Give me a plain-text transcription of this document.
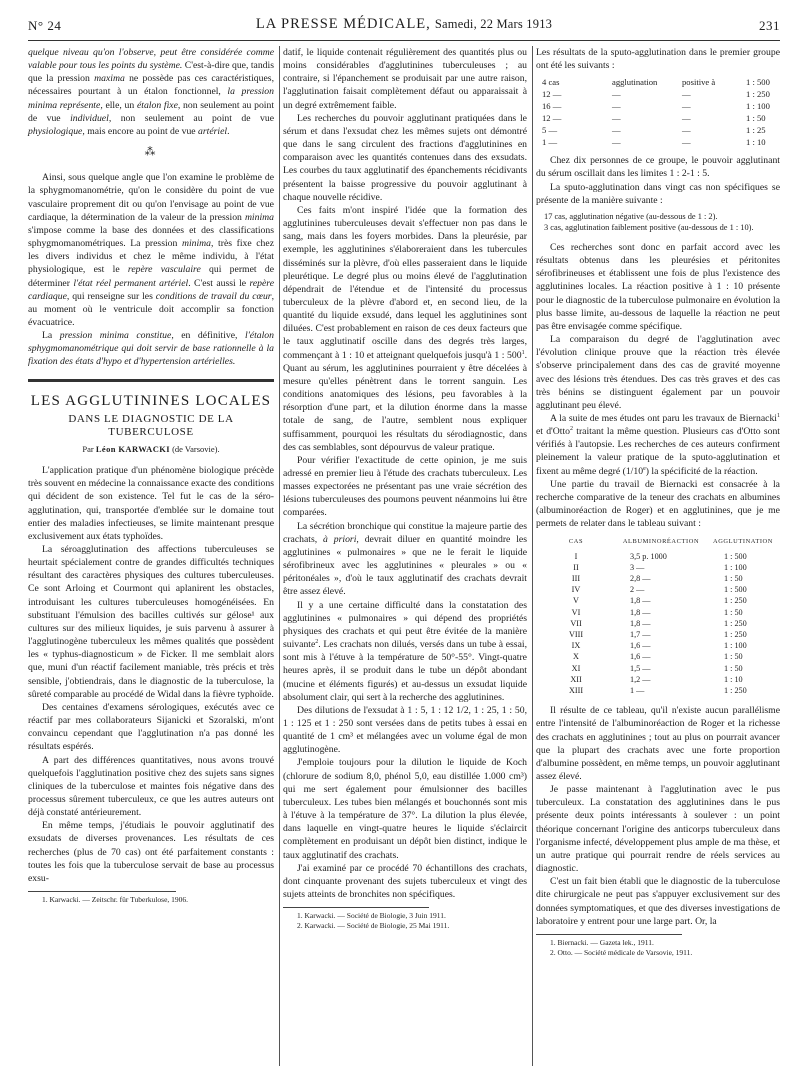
N° 24	LA PRESSE MÉDICALE, Samedi, 22 Mars 1913	231

quelque niveau qu'on l'observe, peut être considérée comme valable pour tous les points du système. C'est-à-dire que, tandis que la pression maxima ne possède pas ces caractéristiques, nécessaires pourtant à un étalon fonctionnel, la pression minima représente, elle, un étalon fixe, non seulement au point de vue individuel, non seulement au point de vue physiologique, mais encore au point de vue artériel.

⁂

Ainsi, sous quelque angle que l'on examine le problème de la sphygmomanométrie, qu'on le considère du point de vue vasculaire proprement dit ou qu'on l'envisage au point de vue cardiaque, la détermination de la valeur de la pression minima s'impose comme la base des données et des classifications sphygmomanométriques. La pression minima, très fixe chez les divers individus et chez le même individu, à l'état physiologique, est le repère vasculaire qui permet de déterminer l'état réel permanent artériel. C'est aussi le repère cardiaque, qui renseigne sur les conditions de travail du cœur, au moment où le ventricule doit accomplir sa fonction évacuatrice.

La pression minima constitue, en définitive, l'étalon sphygmomanométrique qui doit servir de base rationnelle à la fixation des états d'hypo et d'hypertension artérielles.

LES AGGLUTININES LOCALES
DANS LE DIAGNOSTIC DE LA TUBERCULOSE
Par Léon KARWACKI (de Varsovie).

L'application pratique d'un phénomène biologique précède très souvent en médecine la connaissance exacte des conditions qui décident de son existence. Tel fut le cas de la séro-agglutination, qui, transportée d'emblée sur le domaine tout entier des maladies infectieuses, se limite maintenant presque exclusivement aux états typhoïdes.

La séroagglutination des affections tuberculeuses se heurtait spécialement contre de grandes difficultés techniques résultant des caractères physiques des cultures tuberculeuses. Ce sont Arloing et Courmont qui aplanirent les obstacles, introduisant les cultures tuberculeuses homogénéisées. En substituant l'émulsion des bacilles cultivés sur gélose¹ aux cultures sur des milieux liquides, je suis parvenu à assurer à l'agglutinogène tuberculeux les mêmes qualités que possèdent les « typhus-diagnosticum » de Ficker. Il me semblait alors que, muni d'un réactif facilement maniable, très précis et très sensible, j'obtiendrais, dans le diagnostic de la tuberculose, la sûreté comparable au procédé de Widal dans la fièvre typhoïde.

Des centaines d'examens sérologiques, exécutés avec ce réactif par mes collaborateurs Sijanicki et Szoralski, m'ont convaincu cependant que l'agglutination n'a pas donné les résultats espérés.

A part des différences quantitatives, nous avons trouvé quelquefois l'agglutination positive chez des sujets sans signes cliniques de la tuberculose et maintes fois négative dans des processus sûrement tuberculeux, ce que les autres auteurs ont déjà constaté antérieurement.

En même temps, j'étudiais le pouvoir agglutinatif des exsudats de diverses provenances. Les résultats de ces recherches (plus de 70 cas) ont été parfaitement constants : toutes les fois que la tuberculose servait de base au processus exsu-

1. Karwacki. — Zeitschr. für Tuberkulose, 1906.

datif, le liquide contenait régulièrement des quantités plus ou moins considérables d'agglutinines tuberculeuses ; au contraire, si l'épanchement se produisait par une autre raison, l'agglutination faisait complètement défaut ou apparaissait à un degré extrêmement faible.

Les recherches du pouvoir agglutinant pratiquées dans le sérum et dans l'exsudat chez les mêmes sujets ont démontré que dans le sang circulent des fractions d'agglutinines en comparaison avec les quantités contenues dans des exsudats. Les courbes du taux agglutinatif des épanchements récidivants présentent la baisse progressive du pouvoir agglutinant à chaque nouvelle récidive.

Ces faits m'ont inspiré l'idée que la formation des agglutinines tuberculeuses devait s'effectuer non pas dans le sang, mais dans les foyers morbides. Dans la pleurésie, par exemple, les agglutinines s'élaboreraient dans les tubercules disséminés sur la plèvre, d'où elles passeraient dans le liquide pleurétique. Le degré plus ou moins élevé de l'agglutination dépendrait de l'étendue et de l'intensité du processus tuberculeux de la plèvre d'abord et, en second lieu, de la quantité du liquide exsudé, dans lequel les agglutinines sont diluées. C'est probablement en raison de ces deux facteurs que le taux agglutinatif oscille dans des degrés très larges, commençant à 1 : 10 et atteignant quelquefois jusqu'à 1 : $500^1$. Quant au sérum, les agglutinines pourraient y être décelées à mesure qu'elles pénètrent dans le torrent sanguin. Les conditions anatomiques des lésions, peu favorables à la résorption d'une part, et la dilution énorme dans la masse totale de sang, de l'autre, semblent nous expliquer suffisamment, pourquoi les résultats du sérodiagnostic, dans des cas semblables, sont dépourvus de valeur pratique.

Pour vérifier l'exactitude de cette opinion, je me suis adressé en premier lieu à l'étude des crachats tuberculeux. Les masses expectorées ne présentant pas une vraie sécrétion des lésions tuberculeuses des poumons peuvent néanmoins lui être comparées.

La sécrétion bronchique qui constitue la majeure partie des crachats, à priori, devrait diluer en quantité moindre les agglutinines « pulmonaires » que ne le ferait le liquide sérofibrineux avec les agglutinines « pleurales » ou « péritonéales », d'où le taux agglutinatif des crachats devrait être assez élevé.

Il y a une certaine difficulté dans la constatation des agglutinines « pulmonaires » qui dépend des propriétés physiques des crachats et qui peut être évitée de la manière suivante$^2$. Les crachats non dilués, versés dans un tube à essai, sont mis à l'étuve à la température de 50°-55°. Vingt-quatre heures après, il se produit dans le tube un dépôt abondant (mucine et éléments figurés) et au-dessus un exsudat liquide absolument clair, qui sert à la recherche des agglutinines.

Des dilutions de l'exsudat à 1 : 5, 1 : 12 1/2, 1 : 25, 1 : 50, 1 : 125 et 1 : 250 sont versées dans de petits tubes à essai en quantité de 1 cm³ et mélangées avec un volume égal de mon agglutinogène.

J'emploie toujours pour la dilution le liquide de Koch (chlorure de sodium 8,0, phénol 5,0, eau distillée 1.000 cm³) qui me sert également pour émulsionner des bacilles tuberculeux. Les tubes bien mélangés et bouchonnés sont mis à l'étuve à la température de 37°. La dilution la plus élevée, dans laquelle en vingt-quatre heures le liquide s'éclaircit complètement en produisant un dépôt bien distinct, indique le taux agglutinatif des crachats.

J'ai examiné par ce procédé 70 échantillons des crachats, dont cinquante provenant des sujets tuberculeux et vingt des sujets atteints de bronchites non spécifiques.

1. Karwacki. — Société de Biologie, 3 Juin 1911.

2. Karwacki. — Société de Biologie, 25 Mai 1911.

Les résultats de la sputo-agglutination dans le premier groupe ont été les suivants :

4 cas	agglutination	positive à	1 : 500
12 —	—	—	1 : 250
16 —	—	—	1 : 100
12 —	—	—	1 : 50
5 —	—	—	1 : 25
1 —	—	—	1 : 10

Chez dix personnes de ce groupe, le pouvoir agglutinant du sérum oscillait dans les limites 1 : 2-1 : 5.

La sputo-agglutination dans vingt cas non spécifiques se présente de la manière suivante :

17 cas, agglutination négative (au-dessous de 1 : 2).
3 cas, agglutination faiblement positive (au-dessous de 1 : 10).

Ces recherches sont donc en parfait accord avec les résultats obtenus dans les pleurésies et péritonites sérofibrineuses et établissent une fois de plus l'existence des agglutinines locales. La réaction positive à 1 : 10 présente pour le diagnostic de la tuberculose pulmonaire en évolution la plus basse limite, au-dessous de laquelle la réaction ne peut pas être envisagée comme spécifique.

La comparaison du degré de l'agglutination avec l'évolution clinique prouve que la réaction très élevée s'observe principalement dans des cas de gravité moyenne avec des lésions très étendues. Des cas très graves et des cas très bénins se distinguent également par un pouvoir agglutinant peu élevé.

A la suite de mes études ont paru les travaux de Biernacki$^1$ et d'Otto$^2$ traitant la même question. Plusieurs cas d'Otto sont vérifiés à l'autopsie. Les recherches de ces auteurs confirment pleinement la valeur pratique de la sputo-agglutination et fixent au même degré (1/10e) la spécificité de la réaction.

Une partie du travail de Biernacki est consacrée à la recherche comparative de la teneur des crachats en albumines (albuminoréaction de Roger) et en agglutinines, que je me permets de relater dans le tableau suivant :

CAS	ALBUMINORÉACTION	AGGLUTINATION
I	3,5 p. 1000	1 : 500
II	3 —	1 : 100
III	2,8 —	1 : 50
IV	2 —	1 : 500
V	1,8 —	1 : 250
VI	1,8 —	1 : 50
VII	1,8 —	1 : 250
VIII	1,7 —	1 : 250
IX	1,6 —	1 : 100
X	1,6 —	1 : 50
XI	1,5 —	1 : 50
XII	1,2 —	1 : 10
XIII	1 —	1 : 250

Il résulte de ce tableau, qu'il n'existe aucun parallélisme entre l'intensité de l'albuminoréaction de Roger et la richesse des crachats en agglutinines ; tout au plus on pourrait avancer que la plupart des crachats avec une forte proportion d'albumine possèdent, en même temps, un pouvoir agglutinant assez élevé.

Je passe maintenant à l'agglutination avec le pus tuberculeux. La constatation des agglutinines dans le pus présente deux points intéressants à soulever : un point théorique concernant l'origine des anticorps tuberculeux dans l'organisme infecté, développement plus ample de ma thèse, et un autre pratique qui pourrait rendre de réels services au diagnostic.

C'est un fait bien établi que le diagnostic de la tuberculose dite chirurgicale ne peut pas s'appuyer exclusivement sur des données symptomatiques, et que des diverses investigations de laboratoire y entrent pour une large part. Or, la

1. Biernacki. — Gazeta lek., 1911.

2. Otto. — Société médicale de Varsovie, 1911.
